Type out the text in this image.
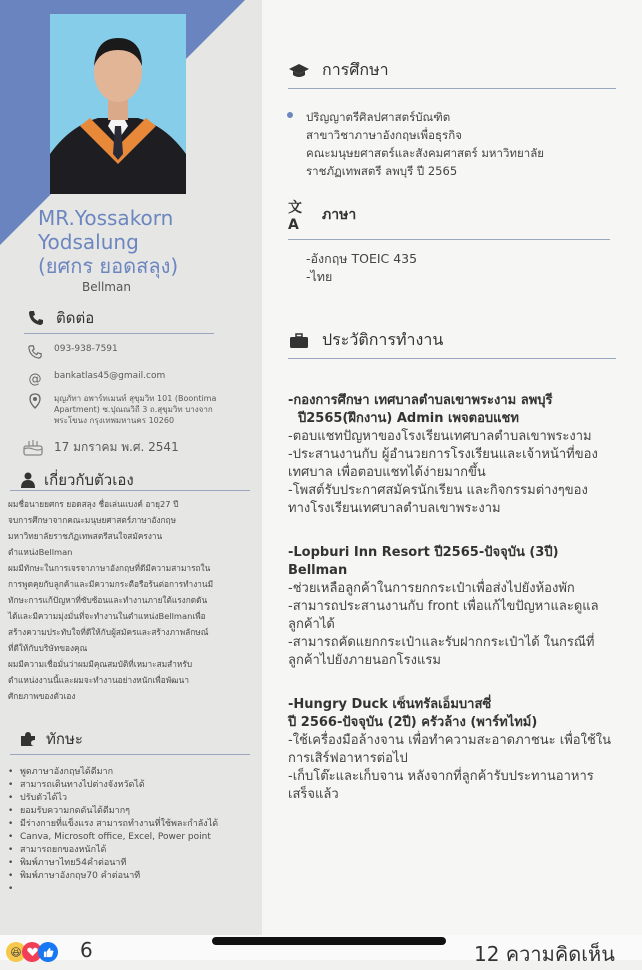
MR.Yossakorn
Yodsalung
(ยศกร ยอดสลุง)
Bellman
ติดต่อ
093-938-7591
@ bankatlas45@gmail.com
มุญภัทา อพาร์ทเมนท์ สุขุมวิท 101 (Boontima
Apartment) ซ.ปุณณวิถี 3 ถ.สุขุมวิท บางจาก
พระโขนง กรุงเทพมหานคร 10260
17 มกราคม พ.ศ. 2541
เกี่ยวกับตัวเอง
ผมชื่อนายยศกร ยอดสลุง ชื่อเล่นแบงค์ อายุ27 ปี
จบการศึกษาจากคณะมนุษยศาสตร์ภาษาอังกฤษ
มหาวิทยาลัยราชภัฏเทพสตรีสนใจสมัครงาน
ตำแหน่งBellman
ผมมีทักษะในการเจรจาภาษาอังกฤษที่ดีมีความสามารถใน
การพูดคุยกับลูกค้าและมีความกระตือรือร้นต่อการทำงานมี
ทักษะการแก้ปัญหาที่ซับซ้อนและทำงานภายใต้แรงกดดัน
ได้และมีความมุ่งมั่นที่จะทำงานในตำแหน่งBellmanเพื่อ
สร้างความประทับใจที่ดีให้กับผู้สมัครและสร้างภาพลักษณ์
ที่ดีให้กับบริษัทของคุณ
ผมมีความเชื่อมั่นว่าผมมีคุณสมบัติที่เหมาะสมสำหรับ
ตำแหน่งงานนี้และผมจะทำงานอย่างหนักเพื่อพัฒนา
ศักยภาพของตัวเอง
ทักษะ
• พูดภาษาอังกฤษได้ดีมาก
• สามารถเดินทางไปต่างจังหวัดได้
• ปรับตัวได้ไว
• ยอมรับความกดดันได้ดีมากๆ
• มีร่างกายที่แข็งแรง สามารถทำงานที่ใช้พละกำลังได้
• Canva, Microsoft office, Excel, Power point
• สามารถยกของหนักได้
• พิมพ์ภาษาไทย54คำต่อนาที
• พิมพ์ภาษาอังกฤษ70 คำต่อนาที
การศึกษา
ปริญญาตรีศิลปศาสตร์บัณฑิต
สาขาวิชาภาษาอังกฤษเพื่อธุรกิจ
คณะมนุษยศาสตร์และสังคมศาสตร์ มหาวิทยาลัย
ราชภัฏเทพสตรี ลพบุรี ปี 2565
文A
ภาษา
-อังกฤษ TOEIC 435
-ไทย
ประวัติการทำงาน
-กองการศึกษา เทศบาลตำบลเขาพระงาม ลพบุรี
ปี2565(ฝึกงาน) Admin เพจตอบแชท
-ตอบแชทปัญหาของโรงเรียนเทศบาลตำบลเขาพระงาม
-ประสานงานกับ ผู้อำนวยการโรงเรียนและเจ้าหน้าที่ของ
เทศบาล เพื่อตอบแชทได้ง่ายมากขึ้น
-โพสต์รับประกาศสมัครนักเรียน และกิจกรรมต่างๆของ
ทางโรงเรียนเทศบาลตำบลเขาพระงาม
-Lopburi Inn Resort ปี2565-ปัจจุบัน (3ปี)
Bellman
-ช่วยเหลือลูกค้าในการยกกระเป๋าเพื่อส่งไปยังห้องพัก
-สามารถประสานงานกับ front เพื่อแก้ไขปัญหาและดูแล
ลูกค้าได้
-สามารถคัดแยกกระเป๋าและรับฝากกระเป๋าได้ ในกรณีที่
ลูกค้าไปยังภายนอกโรงแรม
-Hungry Duck เซ็นทรัลเอ็มบาสซี่
ปี 2566-ปัจจุบัน (2ปี) ครัวล้าง (พาร์ทไทม์)
-ใช้เครื่องมือล้างจาน เพื่อทำความสะอาดภาชนะ เพื่อใช้ใน
การเสิร์ฟอาหารต่อไป
-เก็บโต๊ะและเก็บจาน หลังจากที่ลูกค้ารับประทานอาหาร
เสร็จแล้ว
😆	6	12 ความคิดเห็น
